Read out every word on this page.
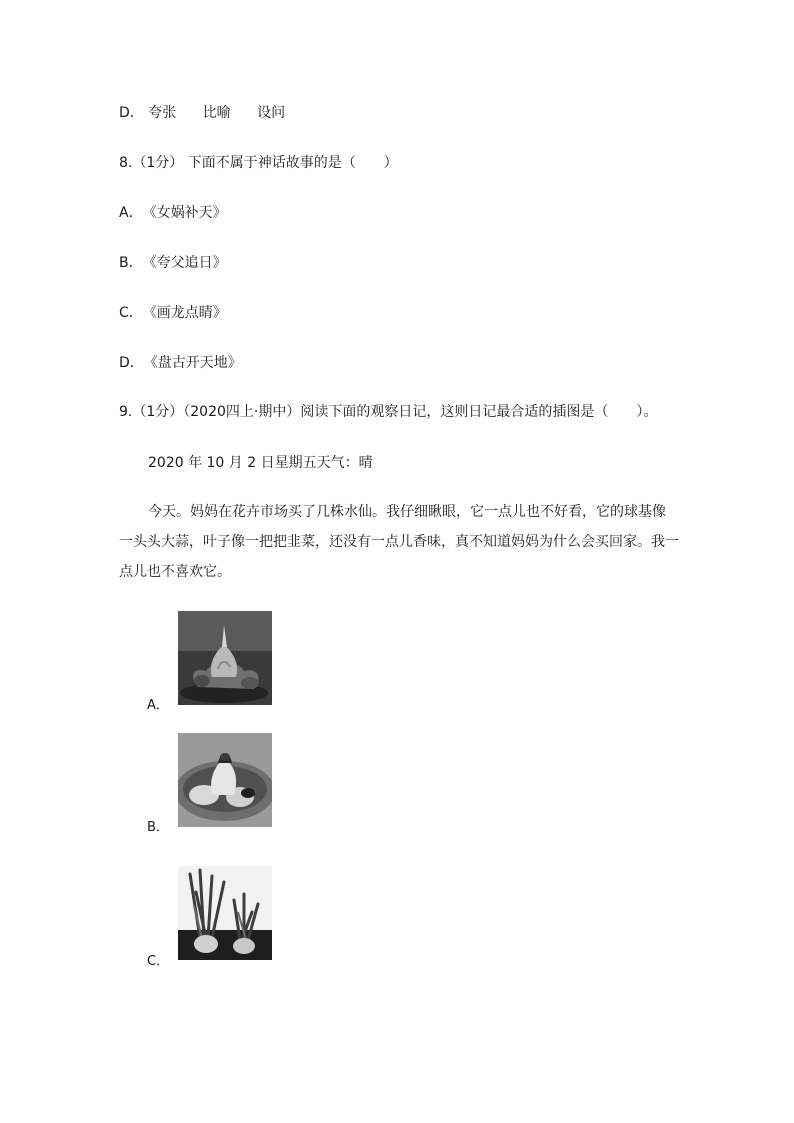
D． 夸张 比喻 设问
8.（1分） 下面不属于神话故事的是（　　）
A．《女娲补天》
B．《夸父追日》
C．《画龙点睛》
D．《盘古开天地》
9.（1分）（2020四上·期中）阅读下面的观察日记，这则日记最合适的插图是（　　）。
2020 年 10 月 2 日星期五天气：晴
今天。妈妈在花卉市场买了几株水仙。我仔细瞅眼，它一点儿也不好看，它的球基像一头头大蒜，叶子像一把把韭菜，还没有一点儿香味，真不知道妈妈为什么会买回家。我一点儿也不喜欢它。
A．
B．
C．
